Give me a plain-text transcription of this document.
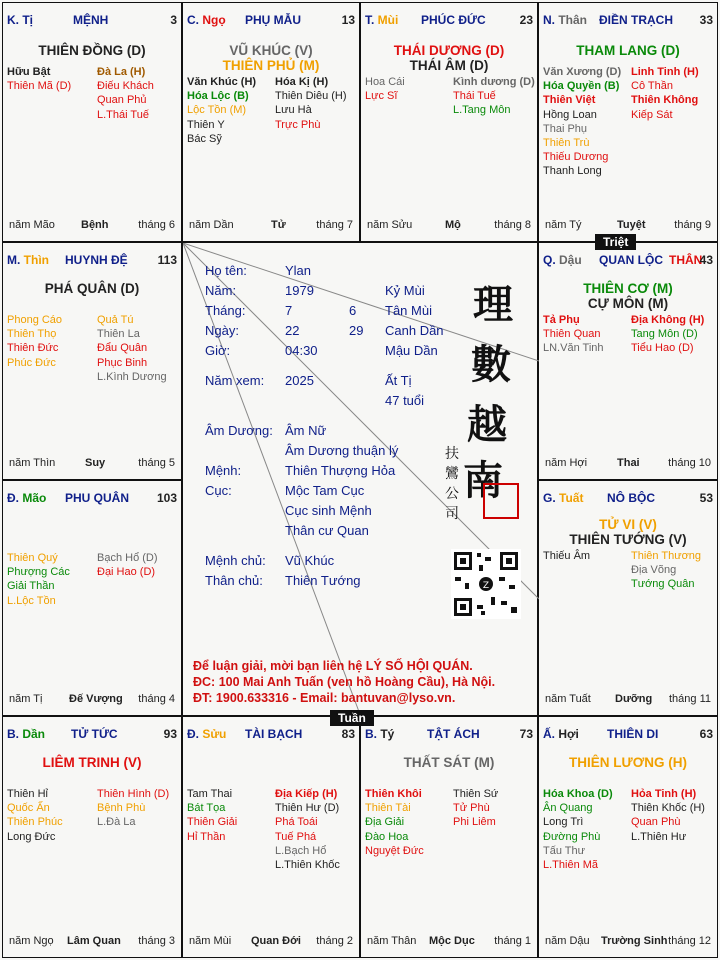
K. Tị	MỆNH	3
THIÊN ĐỒNG (D)
Hữu Bật
Thiên Mã (D)
Đà La (H)
Điếu Khách
Quan Phủ
L.Thái Tuế
năm Mão Bệnh	tháng 6
C. Ngọ PHỤ MẪU	13
VŨ KHÚC (V)
THIÊN PHỦ (M)
Văn Khúc (H)
Hóa Lộc (B)
Lộc Tồn (M)
Thiên Y
Bác Sỹ
Hóa Kị (H)
Thiên Diêu (H)
Lưu Hà
Trực Phù
năm Dần	Tử	tháng 7
T. Mùi PHÚC ĐỨC	23
THÁI DƯƠNG (D)
THÁI ÂM (D)
Hoa Cái
Lực Sĩ
Kình dương (D)
Thái Tuế
L.Tang Môn
năm Sửu	Mộ	tháng 8
N. Thân ĐIỀN TRẠCH 33
THAM LANG (D)
Văn Xương (D)
Hóa Quyền (B)
Thiên Việt
Hồng Loan
Thai Phụ
Thiên Trù
Thiếu Dương
Thanh Long
Linh Tinh (H)
Cô Thần
Thiên Không
Kiếp Sát
năm Tý	Tuyệt	tháng 9
M. Thìn HUYNH ĐỆ 113
PHÁ QUÂN (D)
Phong Cáo
Thiên Thọ
Thiên Đức
Phúc Đức
Quả Tú
Thiên La
Đẩu Quân
Phục Binh
L.Kình Dương
năm Thìn	Suy	tháng 5
Đ. Mão PHU QUÂN 103
Thiên Quý
Phượng Các
Giải Thần
L.Lộc Tồn
Bạch Hổ (D)
Đại Hao (D)
năm Tị Đế Vượng tháng 4
Q. Dậu QUAN LỘC THÂN
43
THIÊN CƠ (M)
CỰ MÔN (M)
Tả Phụ
Thiên Quan
LN.Văn Tinh
Địa Không (H)
Tang Môn (D)
Tiểu Hao (D)
năm Hợi	Thai	tháng 10
G. Tuất NÔ BỘC	53
TỬ VI (V)
THIÊN TƯỚNG (V)
Thiếu Âm	Thiên Thương
Địa Võng
Tướng Quân
năm Tuất Dưỡng tháng 11
B. Dần TỬ TỨC	93
LIÊM TRINH (V)
Thiên Hỉ
Quốc Ấn
Thiên Phúc
Long Đức
Thiên Hình (D)
Bệnh Phù
L.Đà La
năm Ngọ Lâm Quan tháng 3
Đ. Sửu TÀI BẠCH	83
Tam Thai
Bát Tọa
Thiên Giải
Hỉ Thần
Địa Kiếp (H)
Thiên Hư (D)
Phá Toái
Tuế Phá
L.Bạch Hổ
L.Thiên Khốc
năm Mùi Quan Đới tháng 2
B. Tý	TẬT ÁCH	73
THẤT SÁT (M)
Thiên Khôi
Thiên Tài
Địa Giải
Đào Hoa
Nguyệt Đức
Thiên Sứ
Tử Phù
Phi Liêm
năm Thân Mộc Dục tháng 1
Ấ. Hợi THIÊN DI	63
THIÊN LƯƠNG (H)
Hóa Khoa (D)
Ân Quang
Long Trì
Đường Phù
Tấu Thư
L.Thiên Mã
Hỏa Tinh (H)
Thiên Khốc (H)
Quan Phù
L.Thiên Hư
năm Dậu Trường Sinh tháng 12
Họ tên:	Ylan
Năm:	1979	Kỷ Mùi
Tháng:	7	6 Tân Mùi
Ngày:	22	29 Canh Dần
Giờ:	04:30	Mậu Dần
Năm xem: 2025	Ất Tị
47 tuổi
Âm Dương: Âm Nữ
Âm Dương thuận lý
Mệnh:	Thiên Thượng Hỏa
Cục:	Mộc Tam Cục
Cục sinh Mệnh
Thân cư Quan
Mệnh chủ: Vũ Khúc
Thân chủ: Thiên Tướng
理
數
越
南
扶
鸞
公
司
Z
Để luận giải, mời bạn liên hệ LÝ SỐ HỘI QUÁN.
ĐC: 100 Mai Anh Tuấn (ven hồ Hoàng Cầu), Hà Nội.
ĐT: 1900.633316 - Email: bantuvan@lyso.vn.
Triệt
Tuần
